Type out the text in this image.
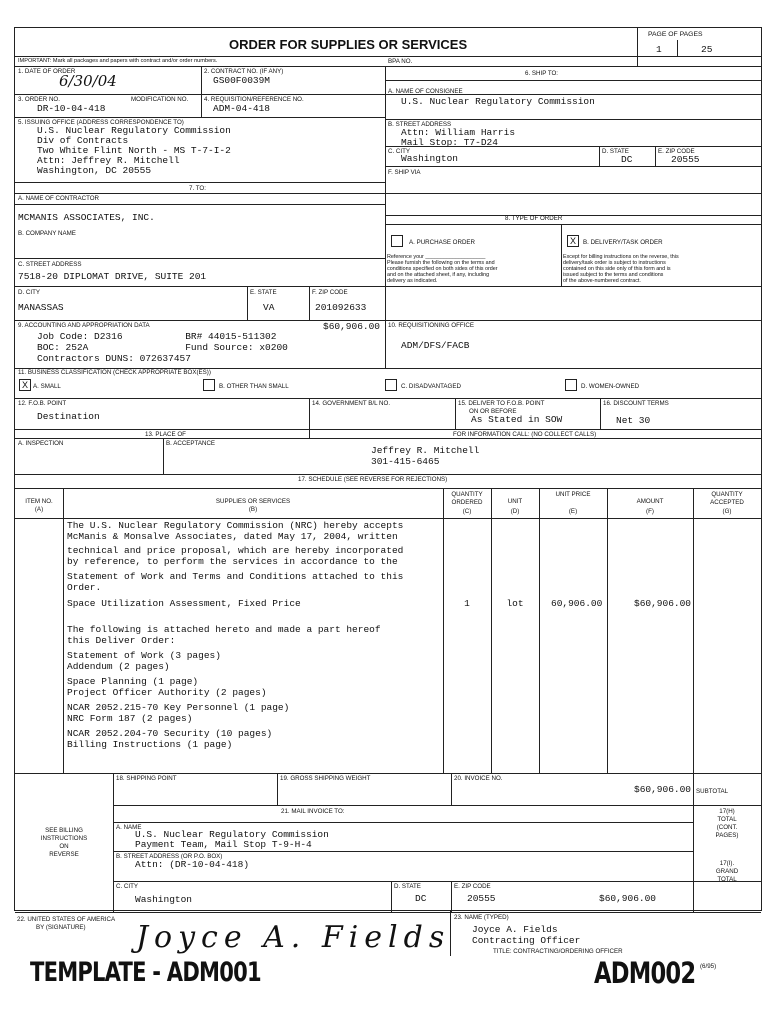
ORDER FOR SUPPLIES OR SERVICES
PAGE OF PAGES
1	25
IMPORTANT: Mark all packages and papers with contract and/or order numbers.	BPA NO.
1. DATE OF ORDER
6/30/04
2. CONTRACT NO. (IF ANY)
GS00F0039M
3. ORDER NO.
DR-10-04-418
MODIFICATION NO.	4. REQUISITION/REFERENCE NO.
ADM-04-418
5. ISSUING OFFICE (ADDRESS CORRESPONDENCE TO)
U.S. Nuclear Regulatory Commission
Div of Contracts
Two White Flint North - MS T-7-I-2
Attn: Jeffrey R. Mitchell
Washington, DC 20555
6. SHIP TO:
A. NAME OF CONSIGNEE
U.S. Nuclear Regulatory Commission
B. STREET ADDRESS
Attn: William Harris
Mail Stop: T7-D24
C. CITY
Washington
D. STATE
DC
E. ZIP CODE
20555
F. SHIP VIA
7. TO:
A. NAME OF CONTRACTOR
MCMANIS ASSOCIATES, INC.
B. COMPANY NAME
C. STREET ADDRESS
7518-20 DIPLOMAT DRIVE, SUITE 201
D. CITY
MANASSAS
E. STATE
VA
F. ZIP CODE
201092633
8. TYPE OF ORDER
A. PURCHASE ORDER	X	B. DELIVERY/TASK ORDER
Reference your ____________________
Please furnish the following on the terms and
conditions specified on both sides of this order
and on the attached sheet, if any, including
delivery as indicated.
Except for billing instructions on the reverse, this
delivery/task order is subject to instructions
contained on this side only of this form and is
issued subject to the terms and conditions
of the above-numbered contract.
9. ACCOUNTING AND APPROPRIATION DATA	$60,906.00
Job Code: D2316           BR# 44015-511302
BOC: 252A                 Fund Source: x0200
Contractors DUNS: 072637457
10. REQUISITIONING OFFICE
ADM/DFS/FACB
11. BUSINESS CLASSIFICATION (CHECK APPROPRIATE BOX(ES))
X A. SMALL	B. OTHER THAN SMALL	C. DISADVANTAGED	D. WOMEN-OWNED
12. F.O.B. POINT
Destination
14. GOVERNMENT B/L NO.	15. DELIVER TO F.O.B. POINT
ON OR BEFORE
As Stated in SOW
16. DISCOUNT TERMS
Net 30
13. PLACE OF	FOR INFORMATION CALL: (NO COLLECT CALLS)
A. INSPECTION	B. ACCEPTANCE
Jeffrey R. Mitchell
301-415-6465
17. SCHEDULE (SEE REVERSE FOR REJECTIONS)
ITEM NO.
(A)
SUPPLIES OR SERVICES
(B)
QUANTITY ORDERED
(C)
UNIT
(D)
UNIT PRICE
(E)
AMOUNT
(F)
QUANTITY ACCEPTED
(G)
The U.S. Nuclear Regulatory Commission (NRC) hereby accepts
McManis & Monsalve Associates, dated May 17, 2004, written
technical and price proposal, which are hereby incorporated
by reference, to perform the services in accordance to the
Statement of Work and Terms and Conditions attached to this
Order.
Space Utilization Assessment, Fixed Price	1	lot	60,906.00	$60,906.00
The following is attached hereto and made a part hereof
this Deliver Order:
Statement of Work (3 pages)
Addendum (2 pages)
Space Planning (1 page)
Project Officer Authority (2 pages)
NCAR 2052.215-70 Key Personnel (1 page)
NRC Form 187 (2 pages)
NCAR 2052.204-70 Security (10 pages)
Billing Instructions (1 page)
18. SHIPPING POINT	19. GROSS SHIPPING WEIGHT	20. INVOICE NO.
$60,906.00 SUBTOTAL
21. MAIL INVOICE TO:
SEE BILLING
INSTRUCTIONS
ON
REVERSE
A. NAME
U.S. Nuclear Regulatory Commission
Payment Team, Mail Stop T-9-H-4
B. STREET ADDRESS (OR P.O. BOX)
Attn: (DR-10-04-418)
C. CITY
Washington
D. STATE
DC
E. ZIP CODE
20555	$60,906.00
17(H)
TOTAL
(CONT.
PAGES)
17(I).
GRAND
TOTAL
22. UNITED STATES OF AMERICA
BY (SIGNATURE) Joyce A. Fields
23. NAME (TYPED)
Joyce A. Fields
Contracting Officer
TITLE: CONTRACTING/ORDERING OFFICER
TEMPLATE - ADM001	ADM002 (6/95)
